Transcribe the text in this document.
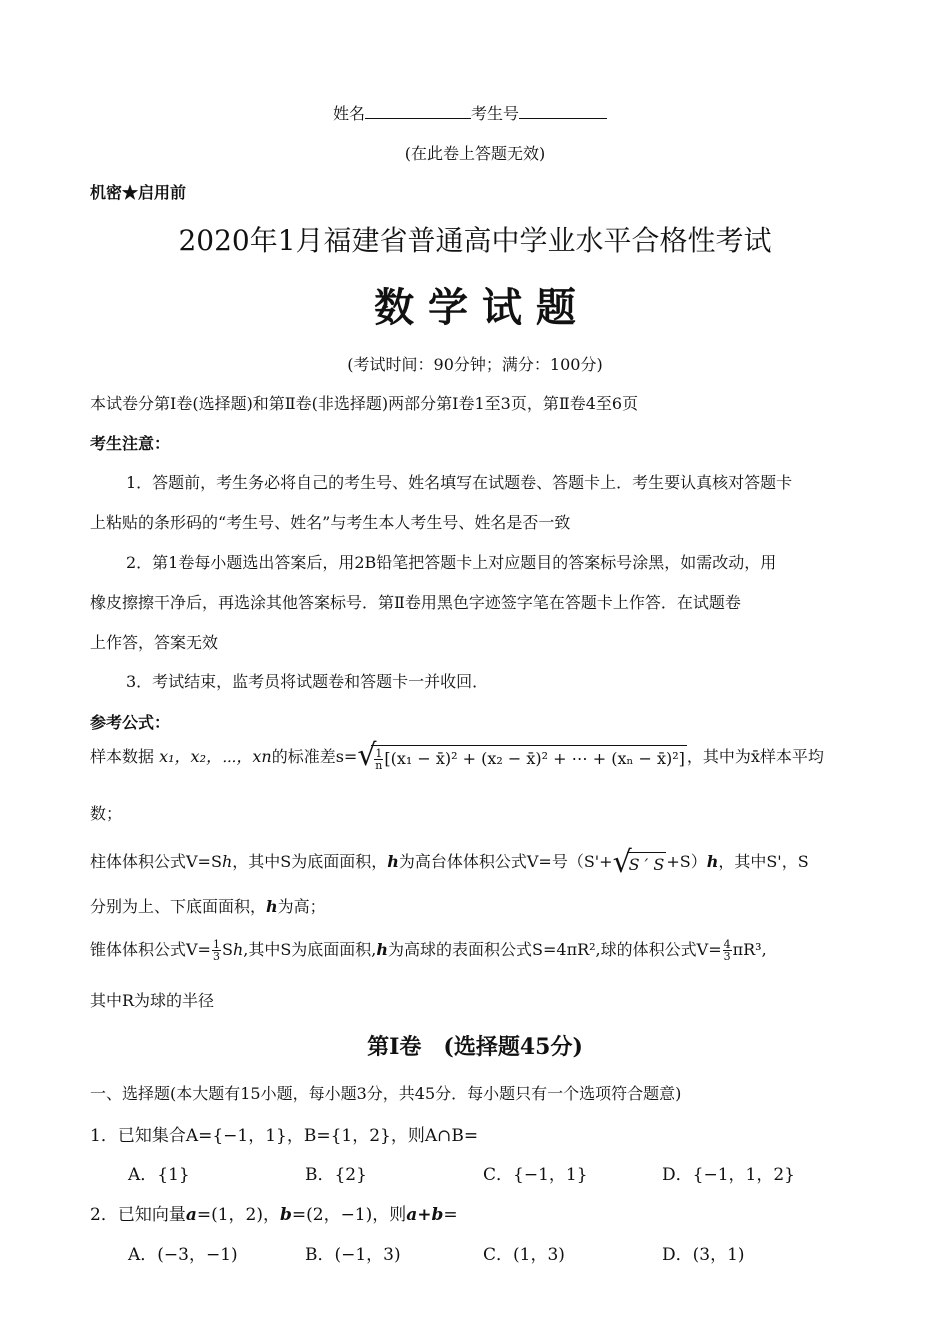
姓名	考生号
(在此卷上答题无效)
机密★启用前
2020年1月福建省普通高中学业水平合格性考试
数 学 试 题
(考试时间：90分钟；满分：100分)
本试卷分第Ⅰ卷(选择题)和第Ⅱ卷(非选择题)两部分第Ⅰ卷1至3页，第Ⅱ卷4至6页
考生注意：
1．答题前，考生务必将自己的考生号、姓名填写在试题卷、答题卡上．考生要认真核对答题卡
上粘贴的条形码的“考生号、姓名”与考生本人考生号、姓名是否一致
2．第1卷每小题选出答案后，用2B铅笔把答题卡上对应题目的答案标号涂黑，如需改动，用
橡皮擦擦干净后，再选涂其他答案标号．第Ⅱ卷用黑色字迹签字笔在答题卡上作答．在试题卷
上作答，答案无效
3．考试结束，监考员将试题卷和答题卡一并收回．
参考公式：
样本数据 x₁，x₂，⋯，xn的标准差s= √
$\frac{1}{n} [(x_1$ − x̄)² + (x₂ − x̄)² + ⋯ + (xₙ − x̄)²] ，其中为x̄样本平均
数；
柱体体积公式V=Sh，其中S为底面面积，h为高台体体积公式V=号（S'+ √
S ′ S +S）h，其中S'，S
分别为上、下底面面积，h为高；
锥体体积公式$V= \frac{1}{3} Sh$,其中S为底面面积,h为高球的表面积公式S=4πR²,球的体积公式$V= \frac{4}{3} \pi R^3$,
其中R为球的半径
第Ⅰ卷　(选择题45分)
一、选择题(本大题有15小题，每小题3分，共45分．每小题只有一个选项符合题意)
1．已知集合A={−1，1}，B={1，2}，则A∩B=
A．{1}	B．{2}	C．{−1，1}	D．{−1，1，2}
2．已知向量a=(1，2)，b=(2，−1)，则a+b=
A．(−3，−1)	B．(−1，3)	C．(1，3)	D．(3，1)
